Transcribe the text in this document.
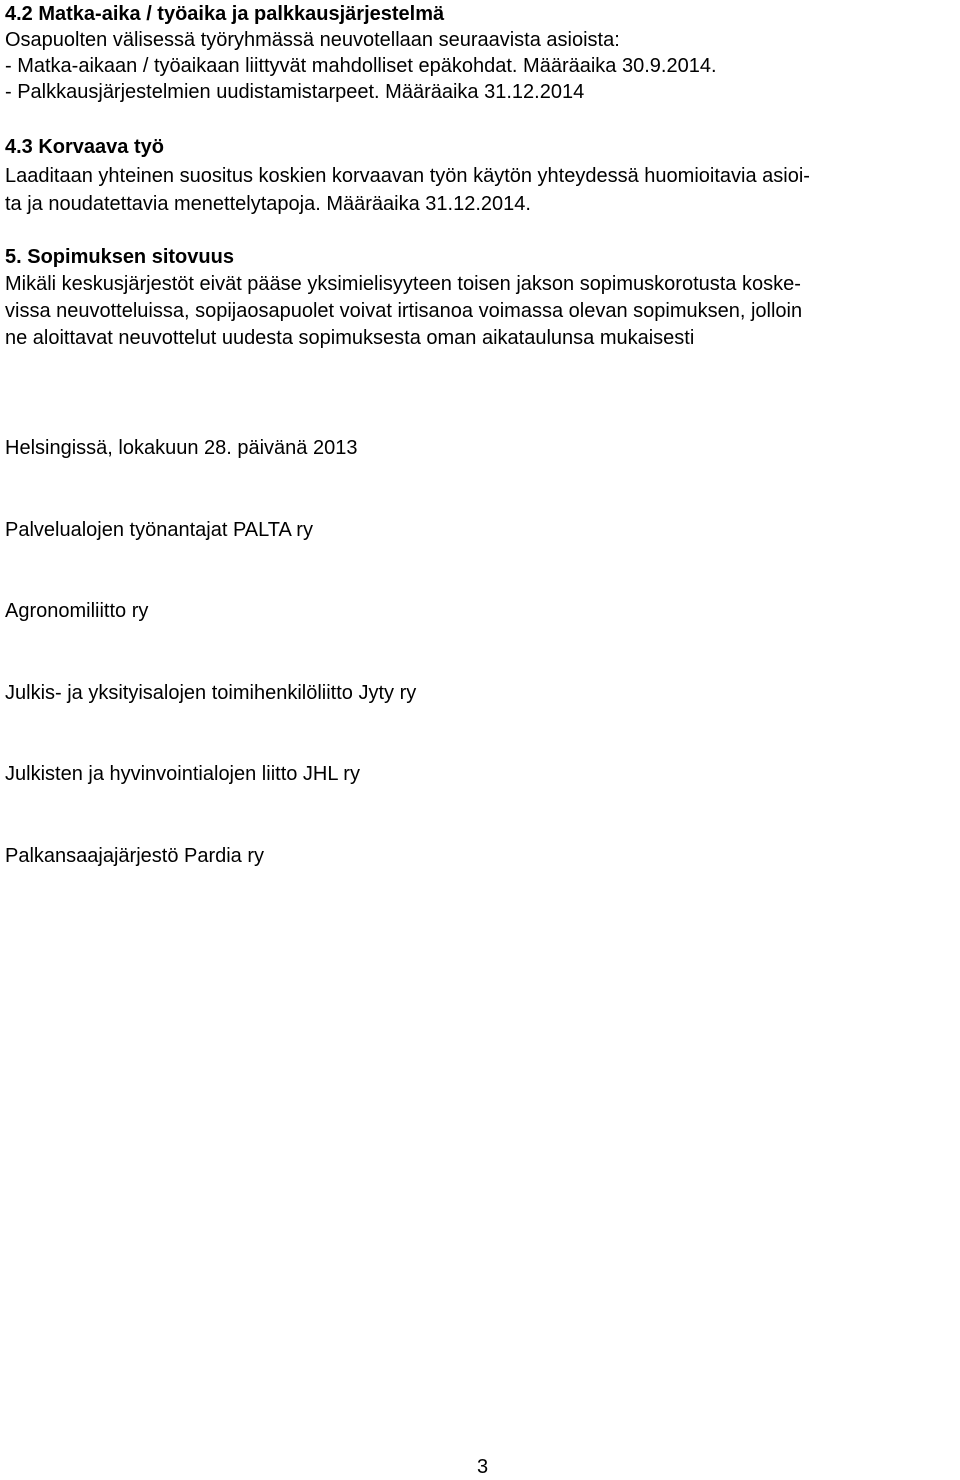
4.2 Matka-aika / työaika ja palkkausjärjestelmä
Osapuolten välisessä työryhmässä neuvotellaan seuraavista asioista:
- Matka-aikaan / työaikaan liittyvät mahdolliset epäkohdat. Määräaika 30.9.2014.
- Palkkausjärjestelmien uudistamistarpeet. Määräaika 31.12.2014
4.3 Korvaava työ
Laaditaan yhteinen suositus koskien korvaavan työn käytön yhteydessä huomioitavia asioi-
ta ja noudatettavia menettelytapoja. Määräaika 31.12.2014.
5. Sopimuksen sitovuus
Mikäli keskusjärjestöt eivät pääse yksimielisyyteen toisen jakson sopimuskorotusta koske-
vissa neuvotteluissa, sopijaosapuolet voivat irtisanoa voimassa olevan sopimuksen, jolloin
ne aloittavat neuvottelut uudesta sopimuksesta oman aikataulunsa mukaisesti
Helsingissä, lokakuun 28. päivänä 2013
Palvelualojen työnantajat PALTA ry
Agronomiliitto ry
Julkis- ja yksityisalojen toimihenkilöliitto Jyty ry
Julkisten ja hyvinvointialojen liitto JHL ry
Palkansaajajärjestö Pardia ry
3
